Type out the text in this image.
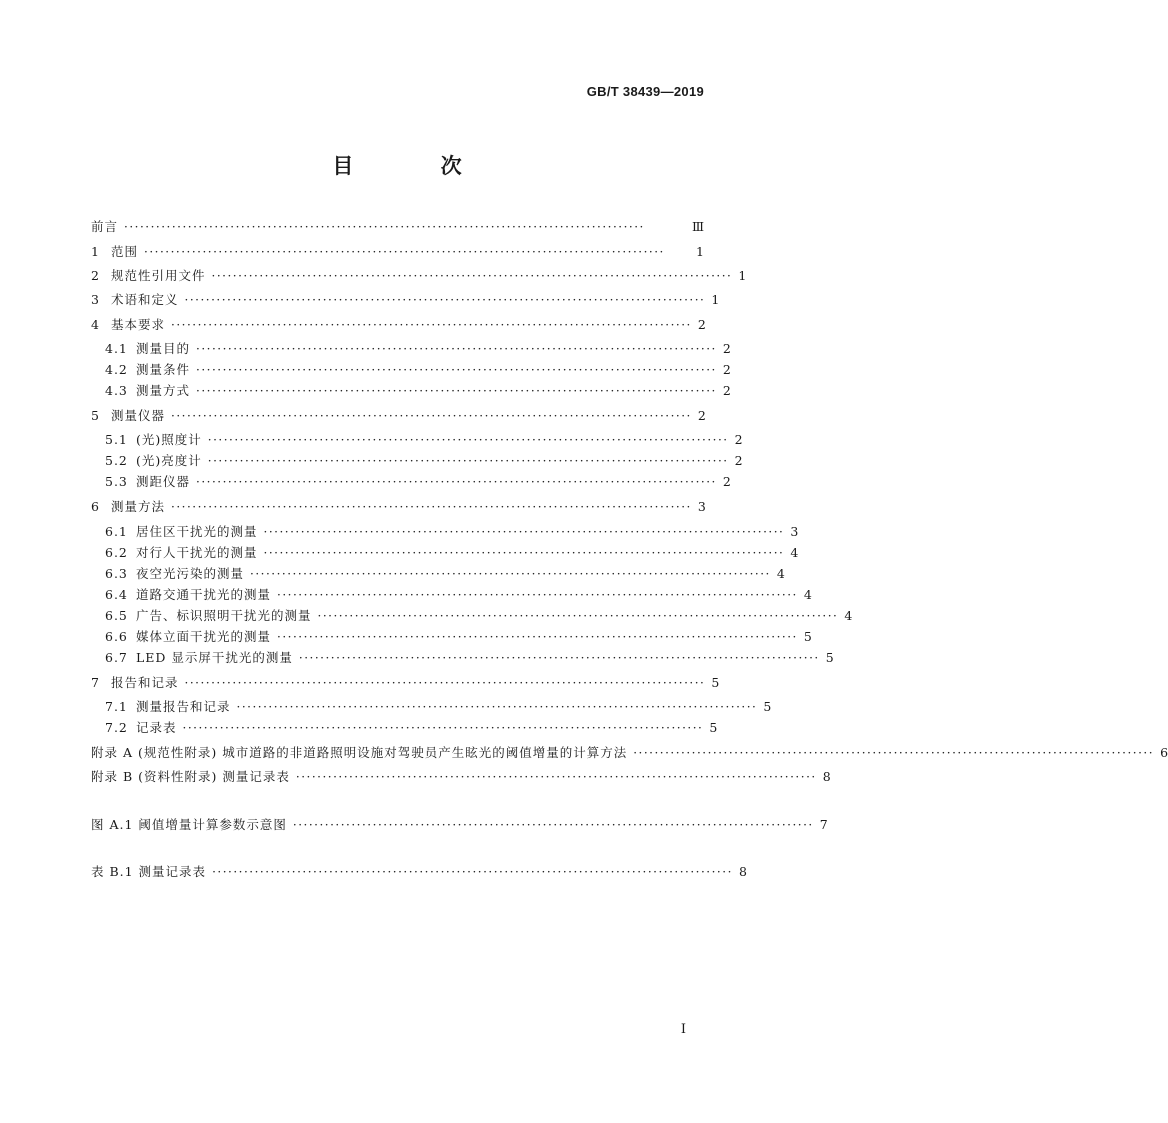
GB/T 38439—2019
目 次
前言 ··································································································	Ⅲ
1 范围 ··································································································	1
2 规范性引用文件 ·································································································· 1
3 术语和定义 ·································································································· 1
4 基本要求 ·································································································· 2
4.1 测量目的 ·································································································· 2
4.2 测量条件 ·································································································· 2
4.3 测量方式 ·································································································· 2
5 测量仪器 ·································································································· 2
5.1 (光)照度计 ·································································································· 2
5.2 (光)亮度计 ·································································································· 2
5.3 测距仪器 ·································································································· 2
6 测量方法 ·································································································· 3
6.1 居住区干扰光的测量 ·································································································· 3
6.2 对行人干扰光的测量 ·································································································· 4
6.3 夜空光污染的测量 ·································································································· 4
6.4 道路交通干扰光的测量 ·································································································· 4
6.5 广告、标识照明干扰光的测量 ·································································································· 4
6.6 媒体立面干扰光的测量 ·································································································· 5
6.7 LED 显示屏干扰光的测量 ·································································································· 5
7 报告和记录 ·································································································· 5
7.1 测量报告和记录 ·································································································· 5
7.2 记录表 ·································································································· 5
附录 A (规范性附录) 城市道路的非道路照明设施对驾驶员产生眩光的阈值增量的计算方法 ·································································································· 6
附录 B (资料性附录) 测量记录表 ·································································································· 8
图 A.1 阈值增量计算参数示意图 ·································································································· 7
表 B.1 测量记录表 ·································································································· 8
I
